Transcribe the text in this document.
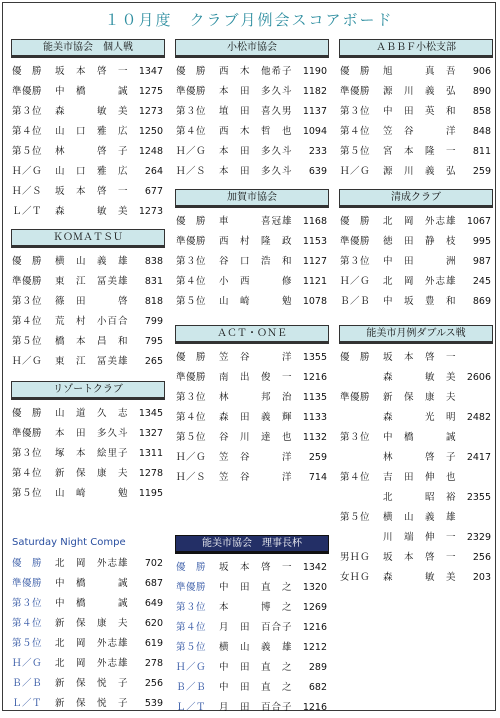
１０月度　クラブ月例会スコアボード
能美市協会　個人戦
優　勝 坂　本　啓　一 1347
準優勝 中　橋　　　誠 1275
第３位 森　　　敏　美 1273
第４位 山　口　雅　広 1250
第５位 林　　　啓　子 1248
Ｈ／Ｇ 山　口　雅　広 264
Ｈ／Ｓ 坂　本　啓　一 677
Ｌ／Ｔ 森　　　敏　美 1273
ＫＯＭＡＴＳＵ
優　勝 横　山　義　雄 838
準優勝 東　江　冨美雄 831
第３位 篠　田　　　啓 818
第４位 荒　村　小百合 799
第５位 橋　本　昌　和 795
Ｈ／Ｇ 東　江　冨美雄 265
リゾートクラブ
優　勝 山　道　久　志 1345
準優勝 本　田　多久斗 1327
第３位 塚　本　絵里子 1311
第４位 新　保　康　夫 1278
第５位 山　崎　　　勉 1195
Saturday Night Compe
優　勝 北　岡　外志雄 702
準優勝 中　橋　　　誠 687
第３位 中　橋　　　誠 649
第４位 新　保　康　夫 620
第５位 北　岡　外志雄 619
Ｈ／Ｇ 北　岡　外志雄 278
Ｂ／Ｂ 新　保　悦　子 256
Ｌ／Ｔ 新　保　悦　子 539
小松市協会
優　勝 西　木　他希子 1190
準優勝 本　田　多久斗 1182
第３位 埴　田　喜久男 1137
第４位 西　木　哲　也 1094
Ｈ／Ｇ 本　田　多久斗 233
Ｈ／Ｓ 本　田　多久斗 639
加賀市協会
優　勝 車　　　喜冠雄 1168
準優勝 西　村　隆　政 1153
第３位 谷　口　浩　和 1127
第４位 小　西　　　修 1121
第５位 山　崎　　　勉 1078
ＡＣＴ・ＯＮＥ
優　勝 笠　谷　　　洋 1355
準優勝 南　出　俊　一 1216
第３位 林　　　邦　治 1135
第４位 森　田　義　輝 1133
第５位 谷　川　達　也 1132
Ｈ／Ｇ 笠　谷　　　洋 259
Ｈ／Ｓ 笠　谷　　　洋 714
能美市協会　理事長杯
優　勝 坂　本　啓　一 1342
準優勝 中　田　直　之 1320
第３位 本　　　博　之 1269
第４位 月　田　百合子 1216
第５位 横　山　義　雄 1212
Ｈ／Ｇ 中　田　直　之 289
Ｂ／Ｂ 中　田　直　之 682
Ｌ／Ｔ 月　田　百合子 1216
ＡＢＢＦ小松支部
優　勝 旭　　　真　吾 906
準優勝 源　川　義　弘 890
第３位 中　田　英　和 858
第４位 笠　谷　　　洋 848
第５位 宮　本　隆　一 811
Ｈ／Ｇ 源　川　義　弘 259
清成クラブ
優　勝 北　岡　外志雄 1067
準優勝 徳　田　静　枝 995
第３位 中　田　　　洲 987
Ｈ／Ｇ 北　岡　外志雄 245
Ｂ／Ｂ 中　坂　豊　和 869
能美市月例ダブルス戦
優　勝 坂　本　啓　一
森　　　敏　美 2606
準優勝 新　保　康　夫
森　　　光　明 2482
第３位 中　橋　　　誠
林　　　啓　子 2417
第４位 吉　田　伸　也
北　　　昭　裕 2355
第５位 横　山　義　雄
川　端　伸　一 2329
男ＨＧ 坂　本　啓　一 256
女ＨＧ 森　　　敏　美 203
